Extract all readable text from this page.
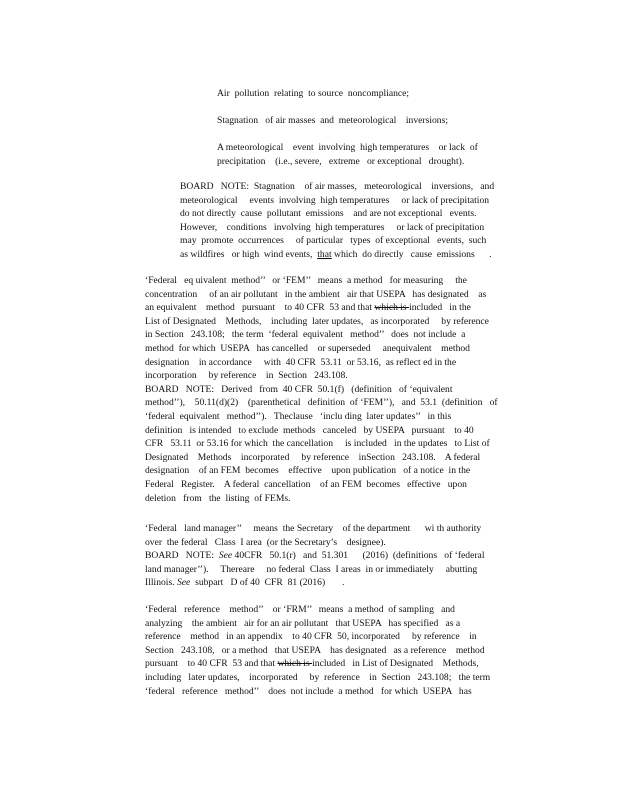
Air  pollution  relating  to source  noncompliance;
Stagnation   of air masses  and  meteorological    inversions;
A meteorological    event  involving  high temperatures    or lack  of
precipitation    (i.e., severe,   extreme   or exceptional   drought).
BOARD   NOTE:  Stagnation    of air masses,   meteorological    inversions,   and
meteorological     events  involving  high temperatures     or lack of precipitation
do not directly  cause  pollutant  emissions    and are not exceptional   events.
However,    conditions   involving  high temperatures     or lack of precipitation
may  promote  occurrences     of particular   types  of exceptional   events,  such
as wildfires   or high  wind events,  that which  do directly   cause  emissions      .
‘Federal   eq uivalent  method’’   or ‘FEM’’   means  a method   for measuring     the
concentration     of an air pollutant   in the ambient   air that USEPA   has designated    as
an equivalent    method   pursuant    to 40 CFR  53 and that which is included   in the
List of Designated    Methods,    including  later updates,   as incorporated     by reference
in Section   243.108;   the term  ‘federal  equivalent   method’’   does  not include  a
method  for which  USEPA   has cancelled    or superseded     anequivalent    method
designation    in accordance     with  40 CFR  53.11  or 53.16,  as reflect ed in the
incorporation     by reference    in  Section   243.108.
BOARD   NOTE:   Derived   from  40 CFR  50.1(f)   (definition   of ‘equivalent
method’’),    50.11(d)(2)    (parenthetical   definition  of ‘FEM’’),   and  53.1  (definition   of
‘federal  equivalent   method’’).   Theclause   ‘inclu ding  later updates’’   in this
definition   is intended   to exclude  methods   canceled   by USEPA   pursuant    to 40
CFR   53.11  or 53.16 for which  the cancellation     is included   in the updates   to List of
Designated    Methods    incorporated     by reference    inSection   243.108.    A federal
designation    of an FEM  becomes    effective    upon publication   of a notice  in the
Federal   Register.    A federal  cancellation    of an FEM  becomes   effective   upon
deletion   from   the  listing  of FEMs.
‘Federal   land manager’’     means  the Secretary    of the department      wi th authority
over  the federal   Class  I area  (or the Secretary’s    designee).
BOARD   NOTE:  See 40CFR   50.1(r)   and  51.301      (2016)  (definitions   of ‘federal
land manager’’).     Thereare     no federal  Class  I areas  in or immediately     abutting
Illinois. See  subpart   D of 40  CFR  81 (2016)       .
‘Federal   reference    method’’    or ‘FRM’’   means  a method  of sampling   and
analyzing    the ambient   air for an air pollutant   that USEPA   has specified   as a
reference    method   in an appendix    to 40 CFR  50, incorporated     by reference    in
Section   243.108,   or a method   that USEPA    has designated   as a reference    method
pursuant    to 40 CFR  53 and that which is included   in List of Designated    Methods,
including   later updates,    incorporated     by  reference    in  Section   243.108;   the term
‘federal   reference   method’’    does  not include  a method   for which  USEPA   has
